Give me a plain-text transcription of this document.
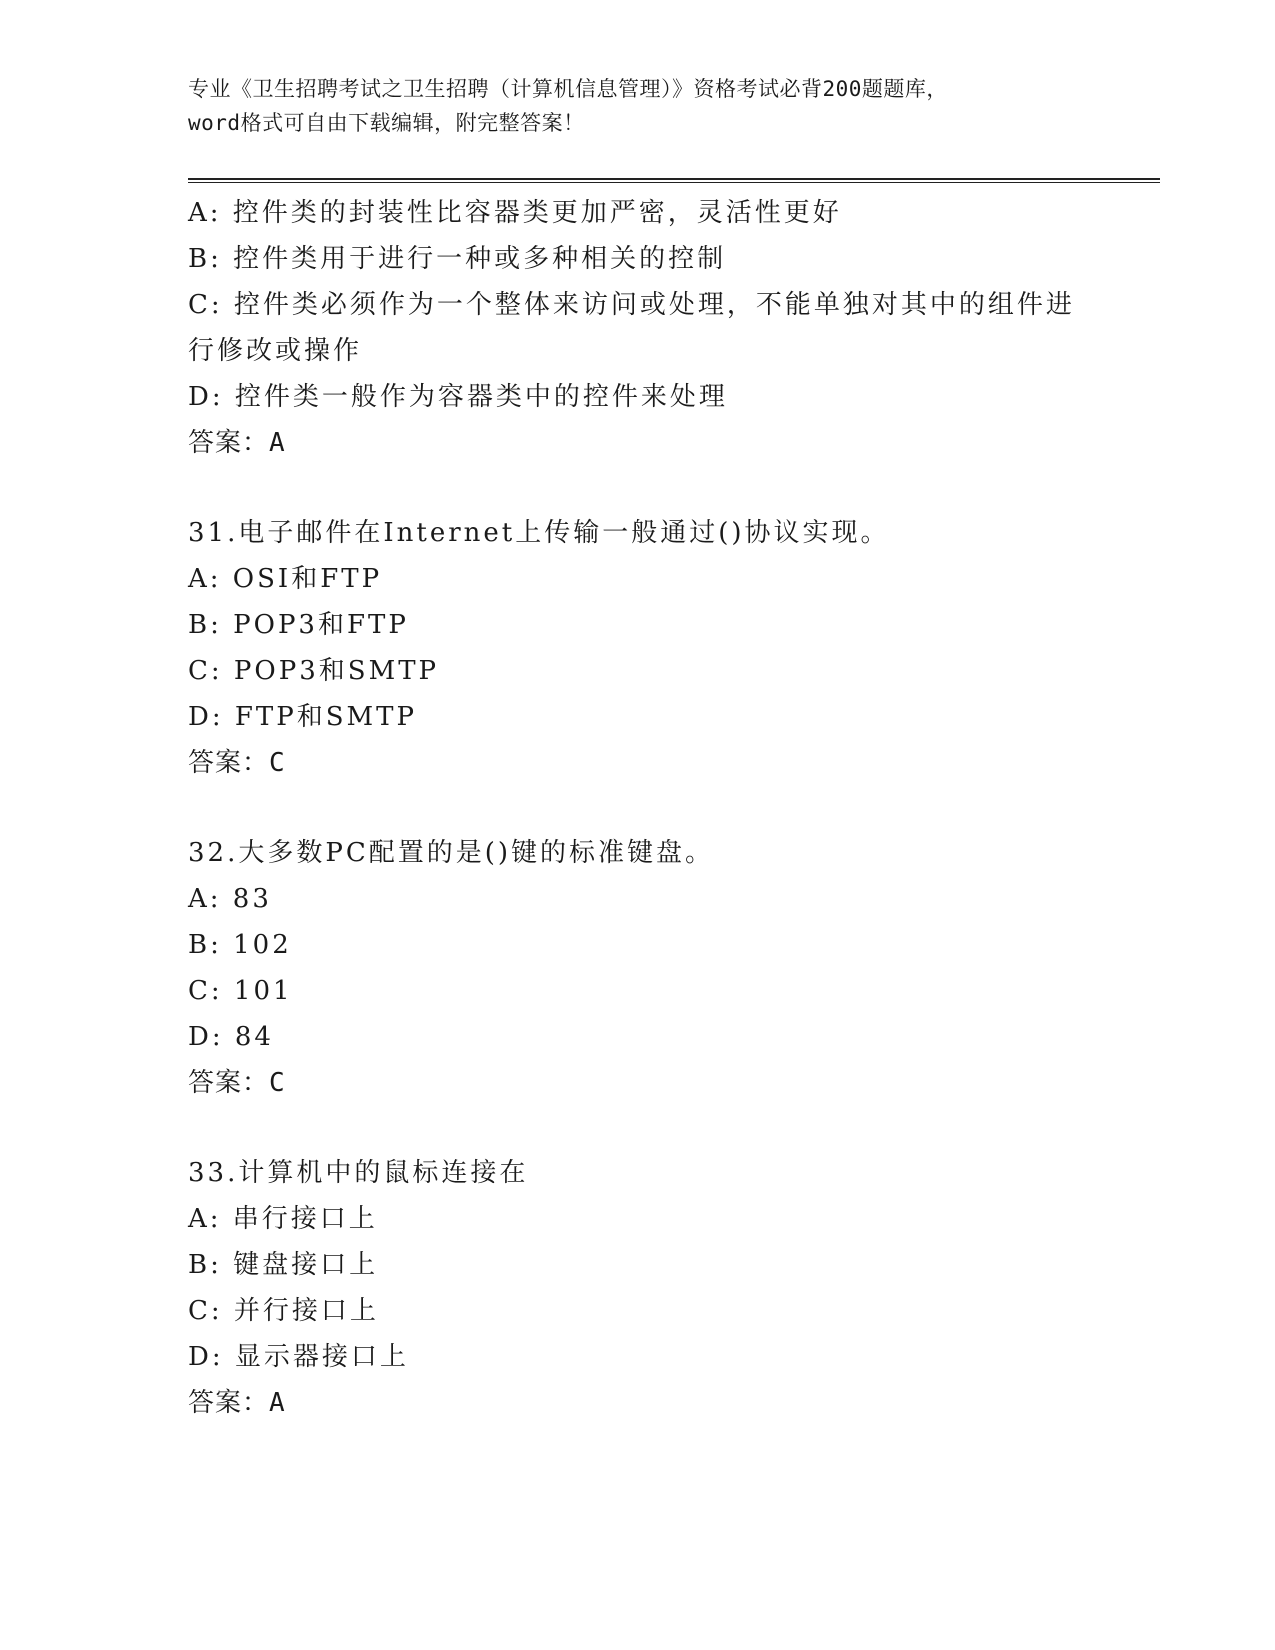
专业《卫生招聘考试之卫生招聘（计算机信息管理）》资格考试必背200题题库，
word格式可自由下载编辑，附完整答案！
A: 控件类的封装性比容器类更加严密，灵活性更好
B: 控件类用于进行一种或多种相关的控制
C: 控件类必须作为一个整体来访问或处理，不能单独对其中的组件进
行修改或操作
D: 控件类一般作为容器类中的控件来处理
答案：A
31.电子邮件在Internet上传输一般通过()协议实现。
A: OSI和FTP
B: POP3和FTP
C: POP3和SMTP
D: FTP和SMTP
答案：C
32.大多数PC配置的是()键的标准键盘。
A: 83
B: 102
C: 101
D: 84
答案：C
33.计算机中的鼠标连接在
A: 串行接口上
B: 键盘接口上
C: 并行接口上
D: 显示器接口上
答案：A
